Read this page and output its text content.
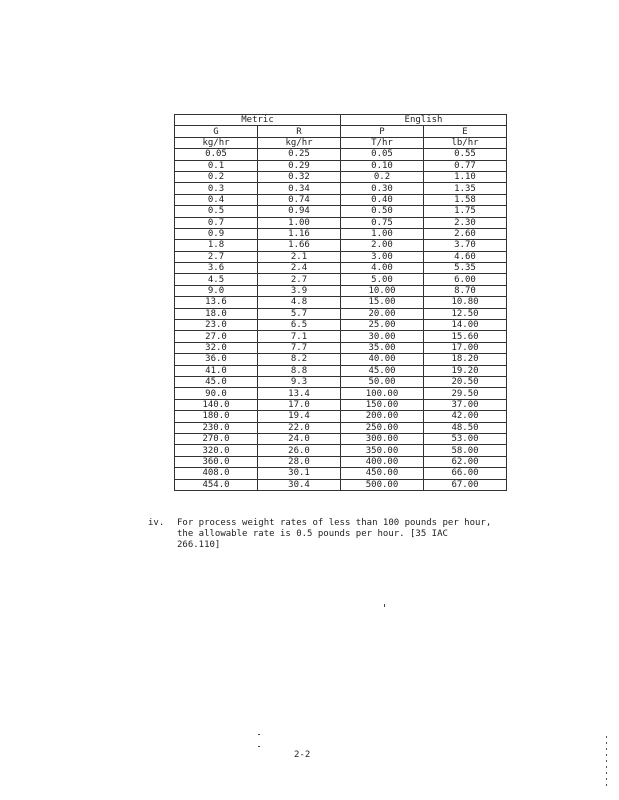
Metric		English	
G	R	P	E
kg/hr	kg/hr	T/hr	lb/hr
0.05	0.25	0.05	0.55
0.1	0.29	0.10	0.77
0.2	0.32	0.2	1.10
0.3	0.34	0.30	1.35
0.4	0.74	0.40	1.58
0.5	0.94	0.50	1.75
0.7	1.00	0.75	2.30
0.9	1.16	1.00	2.60
1.8	1.66	2.00	3.70
2.7	2.1	3.00	4.60
3.6	2.4	4.00	5.35
4.5	2.7	5.00	6.00
9.0	3.9	10.00	8.70
13.6	4.8	15.00	10.80
18.0	5.7	20.00	12.50
23.0	6.5	25.00	14.00
27.0	7.1	30.00	15.60
32.0	7.7	35.00	17.00
36.0	8.2	40.00	18.20
41.0	8.8	45.00	19.20
45.0	9.3	50.00	20.50
90.0	13.4	100.00	29.50
140.0	17.0	150.00	37.00
180.0	19.4	200.00	42.00
230.0	22.0	250.00	48.50
270.0	24.0	300.00	53.00
320.0	26.0	350.00	58.00
360.0	28.0	400.00	62.00
408.0	30.1	450.00	66.00
454.0	30.4	500.00	67.00
iv. For process weight rates of less than 100 pounds per hour,
the allowable rate is 0.5 pounds per hour. [35 IAC
266.110]
2-2
